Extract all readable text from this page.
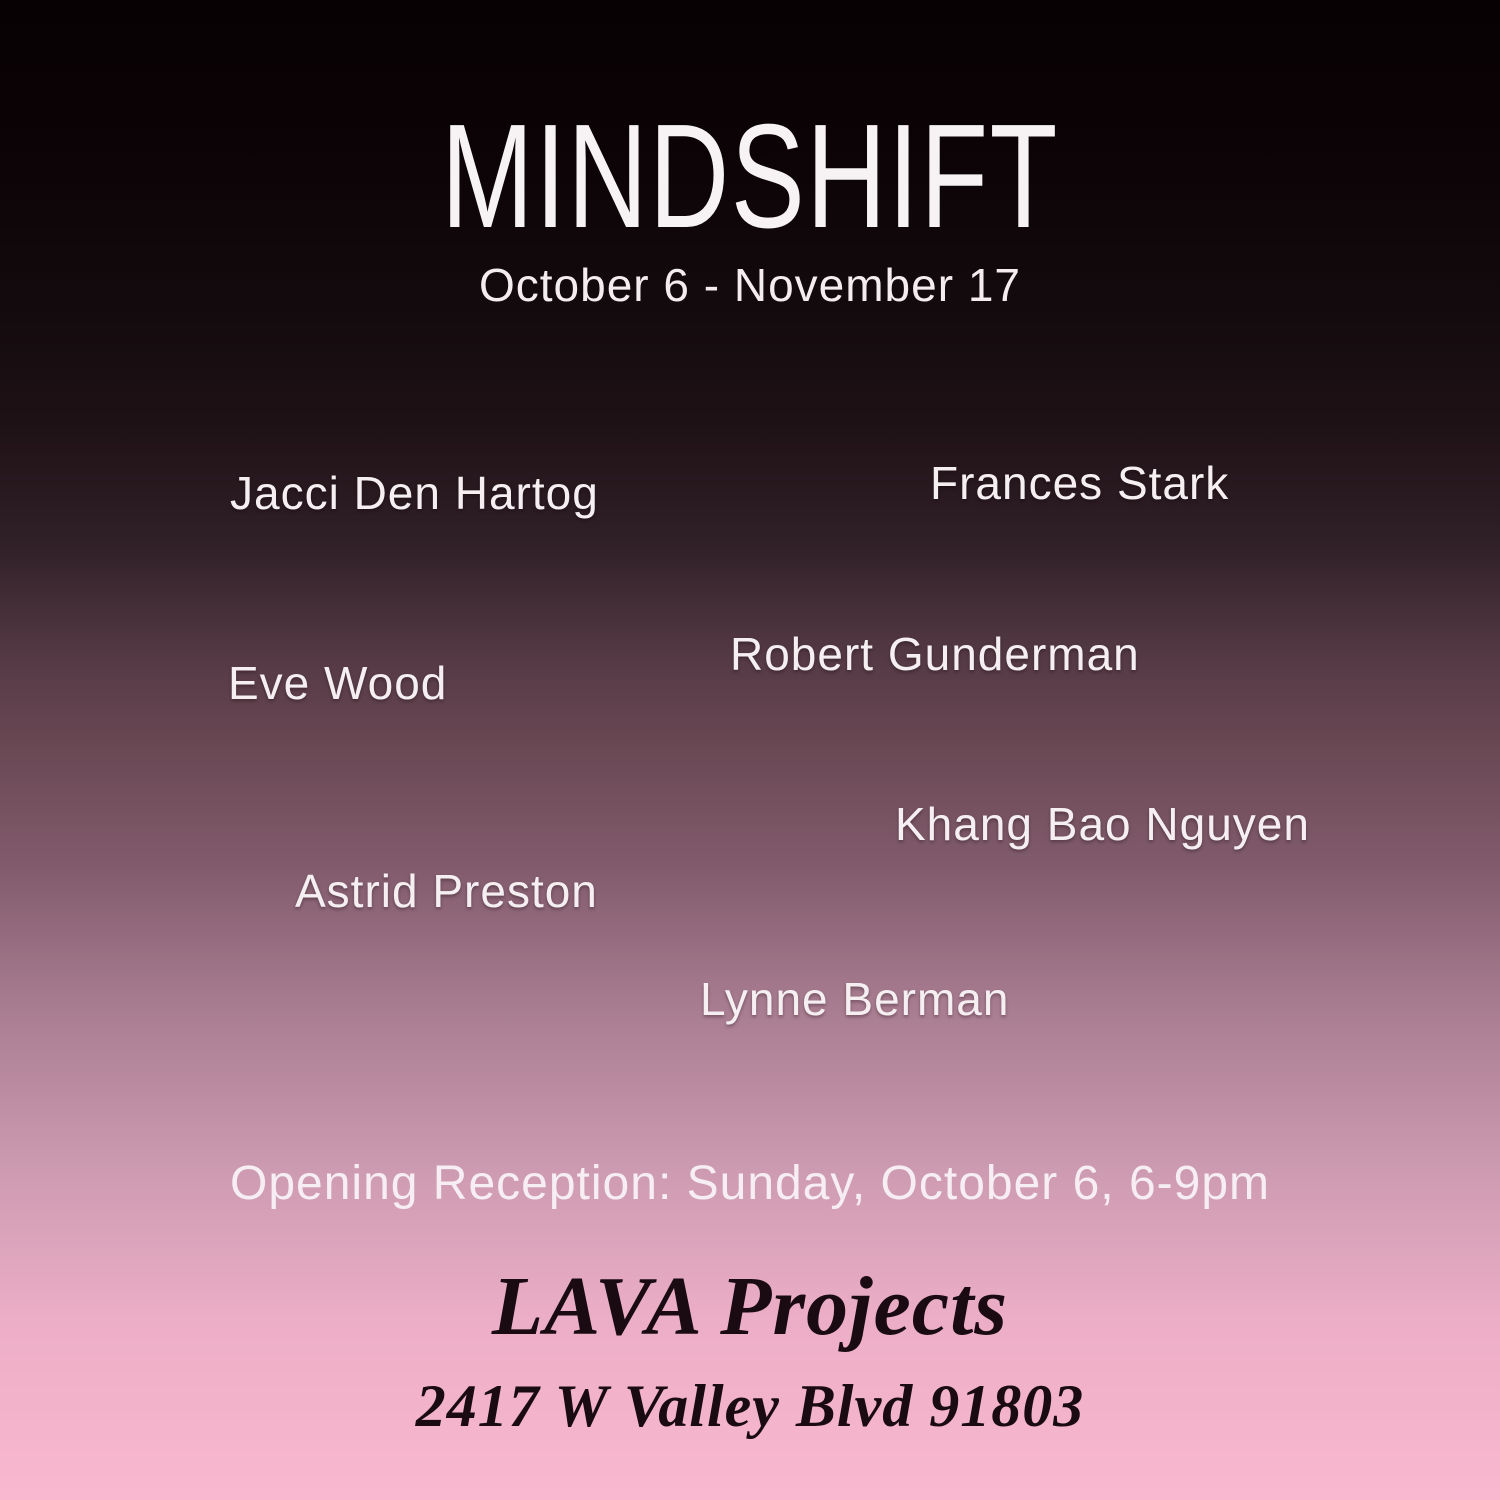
MINDSHIFT
October 6 - November 17
Jacci Den Hartog	Frances Stark
Robert Gunderman
Eve Wood
Khang Bao Nguyen
Astrid Preston
Lynne Berman
Opening Reception: Sunday, October 6, 6-9pm
LAVA Projects
2417 W Valley Blvd 91803
